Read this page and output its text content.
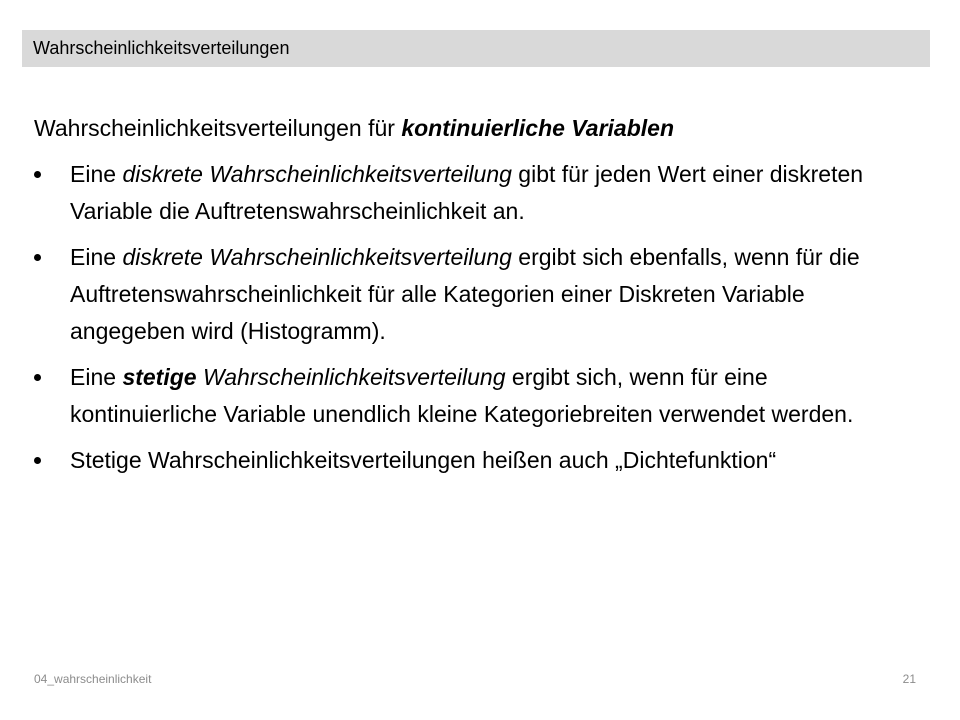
Wahrscheinlichkeitsverteilungen

Wahrscheinlichkeitsverteilungen für kontinuierliche Variablen

Eine diskrete Wahrscheinlichkeitsverteilung gibt für jeden Wert einer diskreten Variable die Auftretenswahrscheinlichkeit an.
Eine diskrete Wahrscheinlichkeitsverteilung ergibt sich ebenfalls, wenn für die Auftretenswahrscheinlichkeit für alle Kategorien einer Diskreten Variable angegeben wird (Histogramm).
Eine stetige Wahrscheinlichkeitsverteilung ergibt sich, wenn für eine kontinuierliche Variable unendlich kleine Kategoriebreiten verwendet werden.
Stetige Wahrscheinlichkeitsverteilungen heißen auch „Dichtefunktion“
04_wahrscheinlichkeit	21
